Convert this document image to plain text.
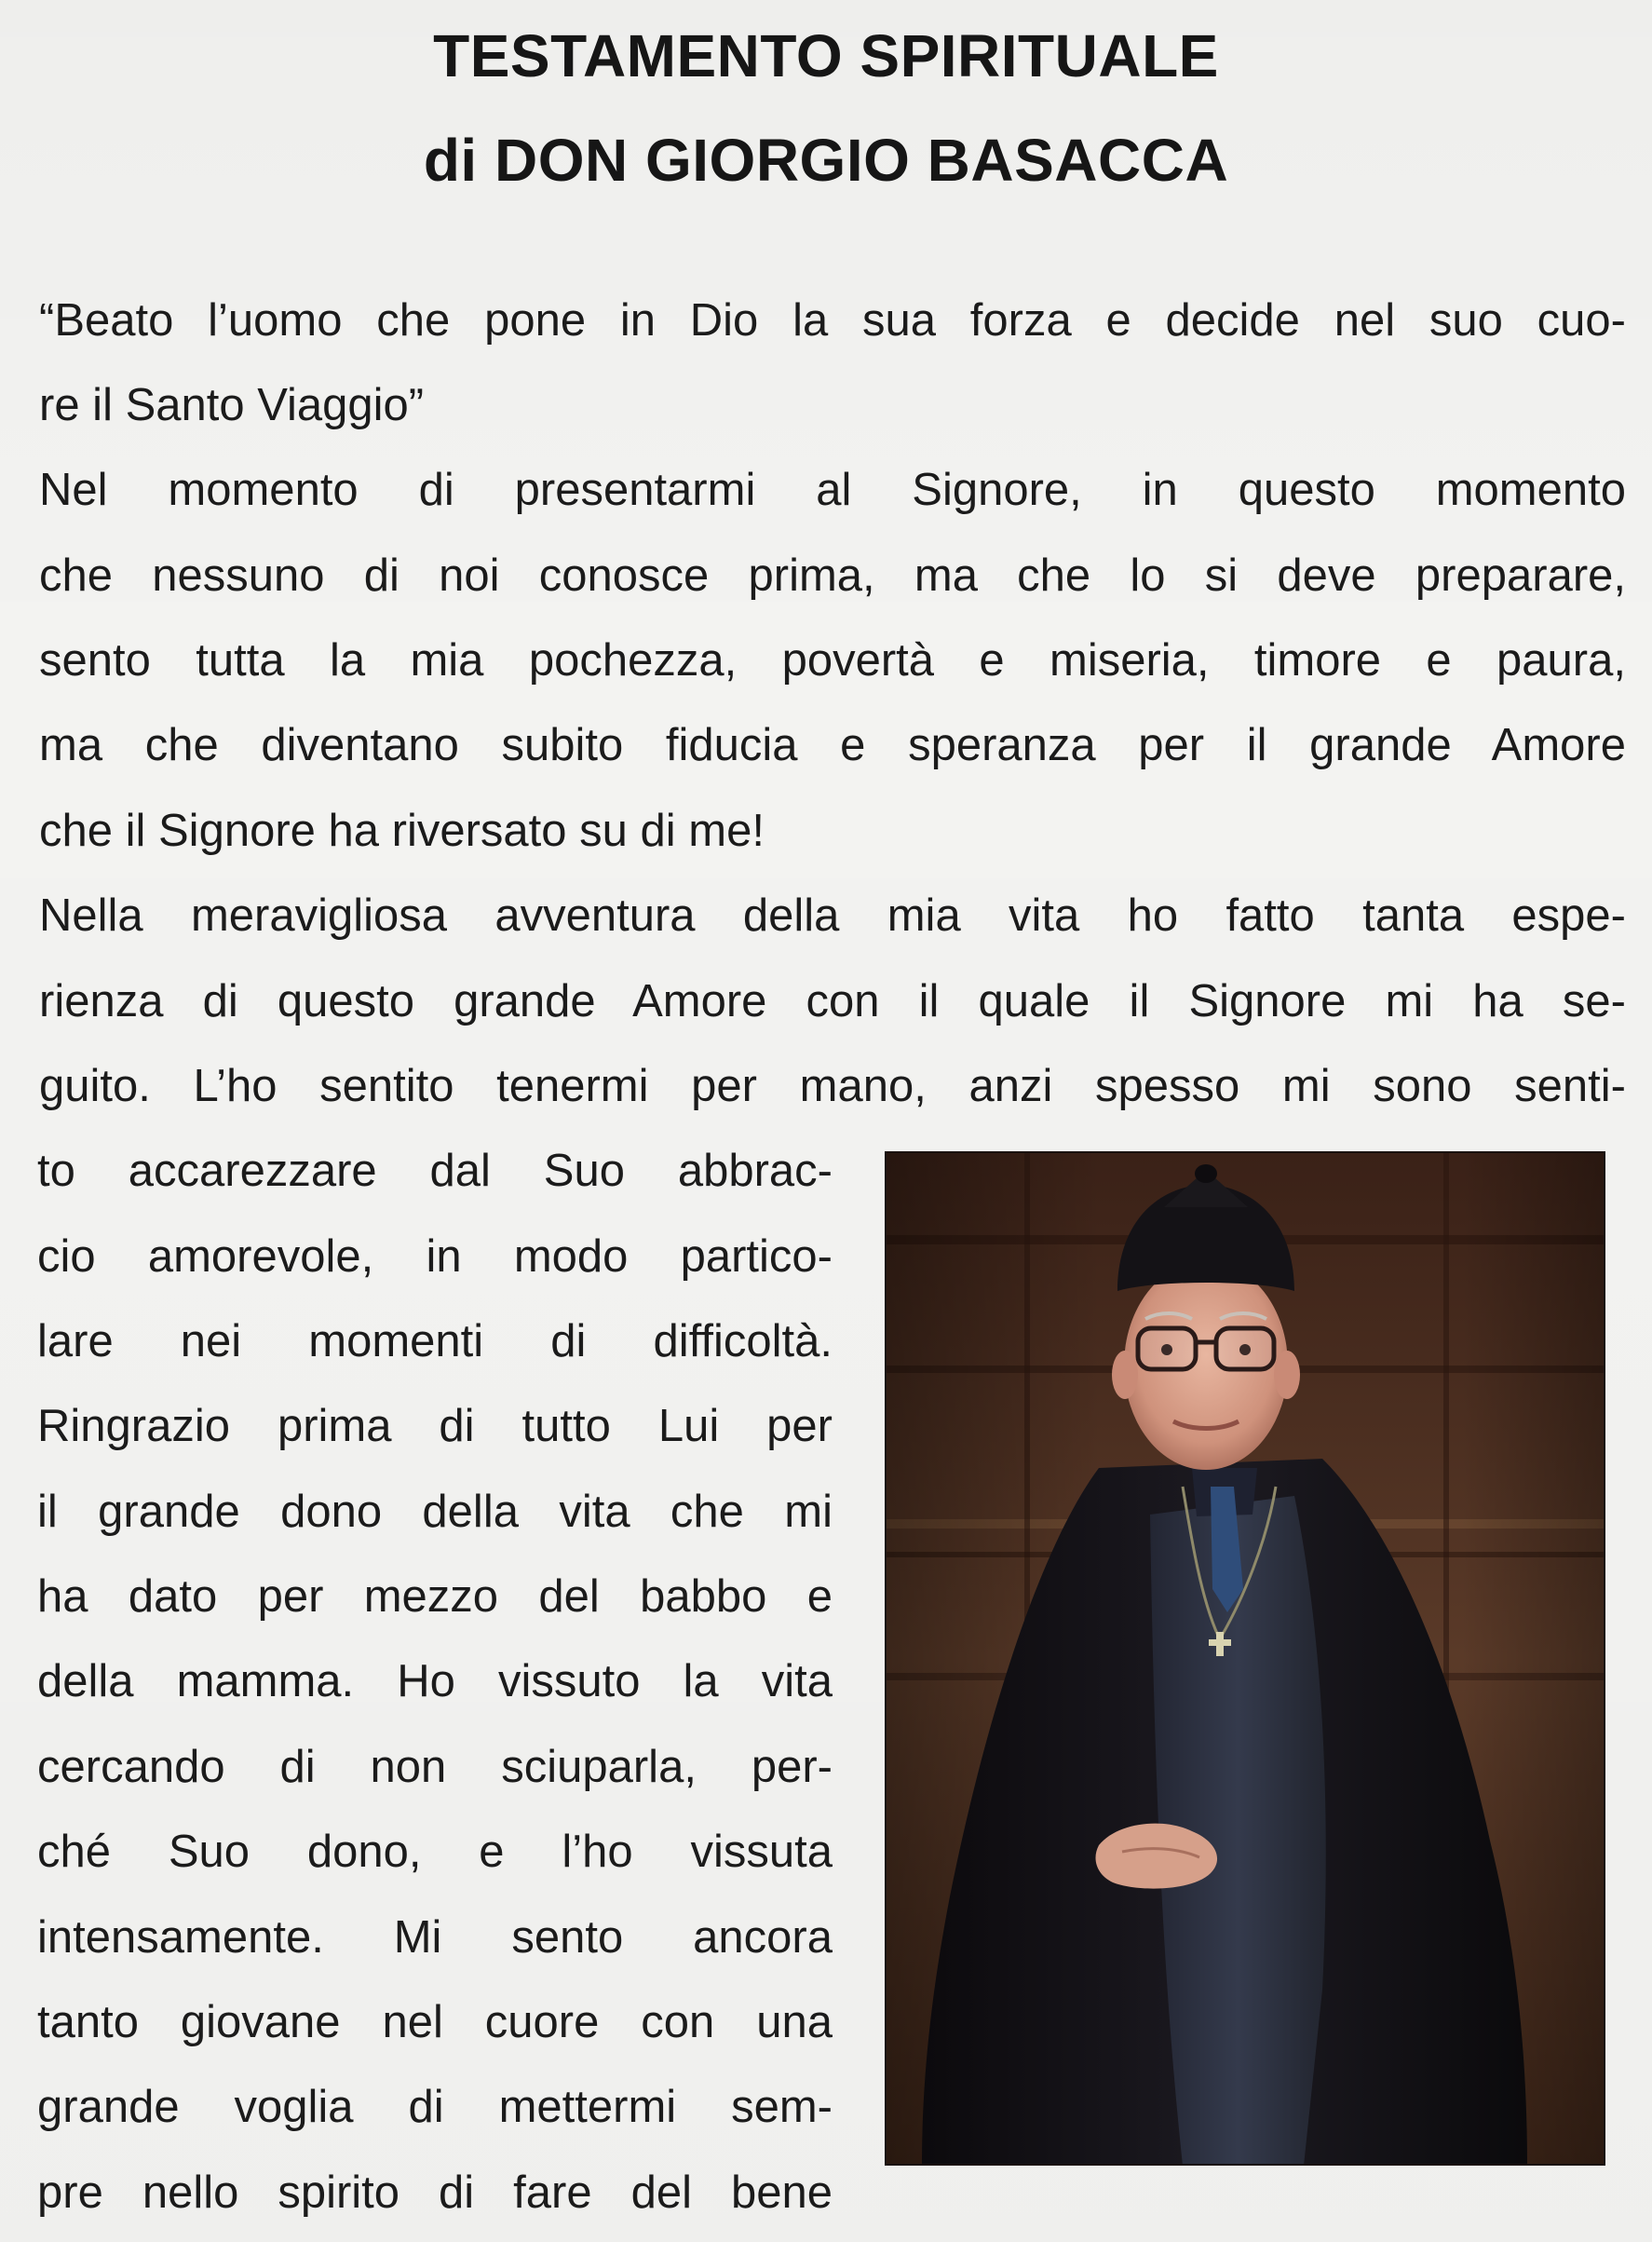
TESTAMENTO SPIRITUALE
di DON GIORGIO BASACCA
“Beato l’uomo che pone in Dio la sua forza e decide nel suo cuo-
re il Santo Viaggio”
Nel momento di presentarmi al Signore, in questo momento
che nessuno di noi conosce prima, ma che lo si deve preparare,
sento tutta la mia pochezza, povertà e miseria, timore e paura,
ma che diventano subito fiducia e speranza per il grande Amore
che il Signore ha riversato su di me!
Nella meravigliosa avventura della mia vita ho fatto tanta espe-
rienza di questo grande Amore con il quale il Signore mi ha se-
guito. L’ho sentito tenermi per mano, anzi spesso mi sono senti-
to accarezzare dal Suo abbrac-
cio amorevole, in modo partico-
lare nei momenti di difficoltà.
Ringrazio prima di tutto Lui per
il grande dono della vita che mi
ha dato per mezzo del babbo e
della mamma. Ho vissuto la vita
cercando di non sciuparla, per-
ché Suo dono, e l’ho vissuta
intensamente. Mi sento ancora
tanto giovane nel cuore con una
grande voglia di mettermi sem-
pre nello spirito di fare del bene
